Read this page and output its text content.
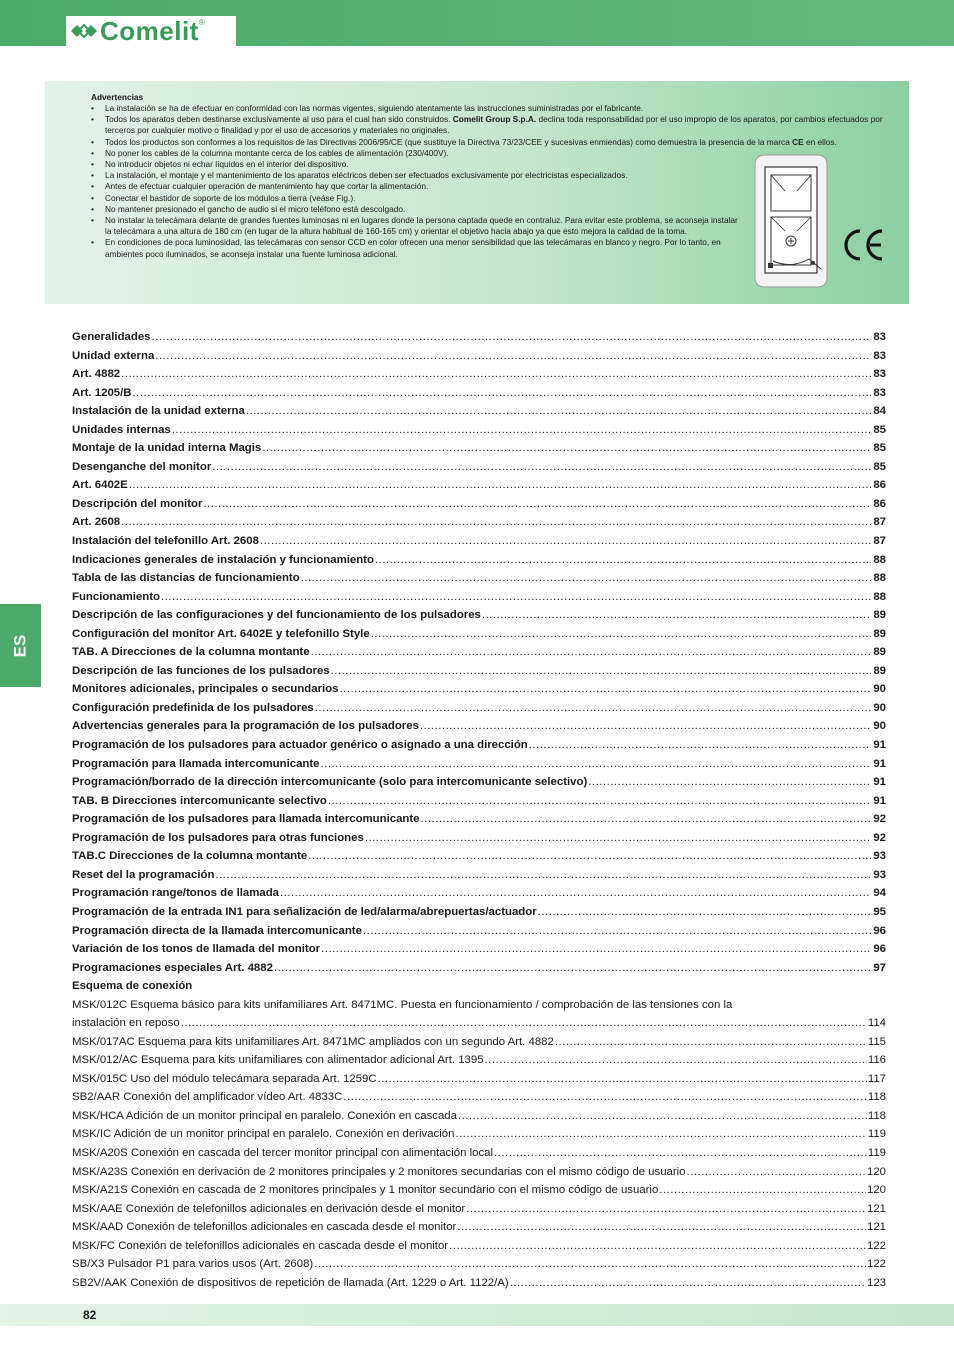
Comelit ®
Advertencias
• La instalación se ha de efectuar en conformidad con las normas vigentes, siguiendo atentamente las instrucciones suministradas por el fabricante.
• Todos los aparatos deben destinarse exclusivamente al uso para el cual han sido construidos. Comelit Group S.p.A. declina toda responsabilidad por el uso impropio de los aparatos, por cambios efectuados por terceros por cualquier motivo o finalidad y por el uso de accesorios y materiales no originales.
• Todos los productos son conformes a los requisitos de las Directivas 2006/95/CE (que sustituye la Directiva 73/23/CEE y sucesivas enmiendas) como demuestra la presencia de la marca CE en ellos.
• No poner los cables de la columna montante cerca de los cables de alimentación (230/400V).
• No introducir objetos ni echar líquidos en el interior del dispositivo.
• La instalación, el montaje y el mantenimiento de los aparatos eléctricos deben ser efectuados exclusivamente por electricistas especializados.
• Antes de efectuar cualquier operación de mantenimiento hay que cortar la alimentación.
• Conectar el bastidor de soporte de los módulos a tierra (veáse Fig.).
• No mantener presionado el gancho de audio si el micro teléfono está descolgado.
• No instalar la telecámara delante de grandes fuentes luminosas ni en lugares donde la persona captada quede en contraluz. Para evitar este problema, se aconseja instalar la telecámara a una altura de 180 cm (en lugar de la altura habitual de 160-165 cm) y orientar el objetivo hacia abajo ya que esto mejora la calidad de la toma.
• En condiciones de poca luminosidad, las telecámaras con sensor CCD en color ofrecen una menor sensibilidad que las telecámaras en blanco y negro. Por lo tanto, en ambientes poco iluminados, se aconseja instalar una fuente luminosa adicional.
ES
Generalidades .....	83
Unidad externa .....	83
Art. 4882 .....	83
Art. 1205/B .....	83
Instalación de la unidad externa .....	84
Unidades internas .....	85
Montaje de la unidad interna Magis .....	85
Desenganche del monitor .....	85
Art. 6402E .....	86
Descripción del monitor .....	86
Art. 2608 .....	87
Instalación del telefonillo Art. 2608 .....	87
Indicaciones generales de instalación y funcionamiento .....	88
Tabla de las distancias de funcionamiento .....	88
Funcionamiento .....	88
Descripción de las configuraciones y del funcionamiento de los pulsadores .....	89
Configuración del monitor Art. 6402E y telefonillo Style .....	89
TAB. A Direcciones de la columna montante .....	89
Descripción de las funciones de los pulsadores .....	89
Monitores adicionales, principales o secundarios .....	90
Configuración predefinida de los pulsadores .....	90
Advertencias generales para la programación de los pulsadores .....	90
Programación de los pulsadores para actuador genérico o asignado a una dirección .....	91
Programación para llamada intercomunicante .....	91
Programación/borrado de la dirección intercomunicante (solo para intercomunicante selectivo) .....	91
TAB. B Direcciones intercomunicante selectivo .....	91
Programación de los pulsadores para llamada intercomunicante .....	92
Programación de los pulsadores para otras funciones .....	92
TAB.C Direcciones de la columna montante .....	93
Reset del la programación .....	93
Programación range/tonos de llamada .....	94
Programación de la entrada IN1 para señalización de led/alarma/abrepuertas/actuador .....	95
Programación directa de la llamada intercomunicante .....	96
Variación de los tonos de llamada del monitor .....	96
Programaciones especiales Art. 4882 .....	97
Esquema de conexión
MSK/012C Esquema básico para kits unifamiliares Art. 8471MC. Puesta en funcionamiento / comprobación de las tensiones con la
instalación en reposo .....	114
MSK/017AC Esquema para kits unifamiliares Art. 8471MC ampliados con un segundo Art. 4882 .....	115
MSK/012/AC Esquema para kits unifamiliares con alimentador adicional Art. 1395 .....	116
MSK/015C Uso del módulo telecámara separada Art. 1259C .....	117
SB2/AAR Conexión del amplificador vídeo Art. 4833C .....	118
MSK/HCA Adición de un monitor principal en paralelo. Conexión en cascada .....	118
MSK/IC Adición de un monitor principal en paralelo. Conexión en derivación .....	119
MSK/A20S Conexión en cascada del tercer monitor principal con alimentación local .....	119
MSK/A23S Conexión en derivación de 2 monitores principales y 2 monitores secundarias con el mismo código de usuario .....	120
MSK/A21S Conexión en cascada de 2 monitores principales y 1 monitor secundario con el mismo código de usuario .....	120
MSK/AAE Conexión de telefonillos adicionales en derivación desde el monitor .....	121
MSK/AAD Conexión de telefonillos adicionales en cascada desde el monitor .....	121
MSK/FC Conexión de telefonillos adicionales en cascada desde el monitor .....	122
SB/X3 Pulsador P1 para varios usos (Art. 2608) .....	122
SB2V/AAK Conexión de dispositivos de repetición de llamada (Art. 1229 o Art. 1122/A) .....	123
82
